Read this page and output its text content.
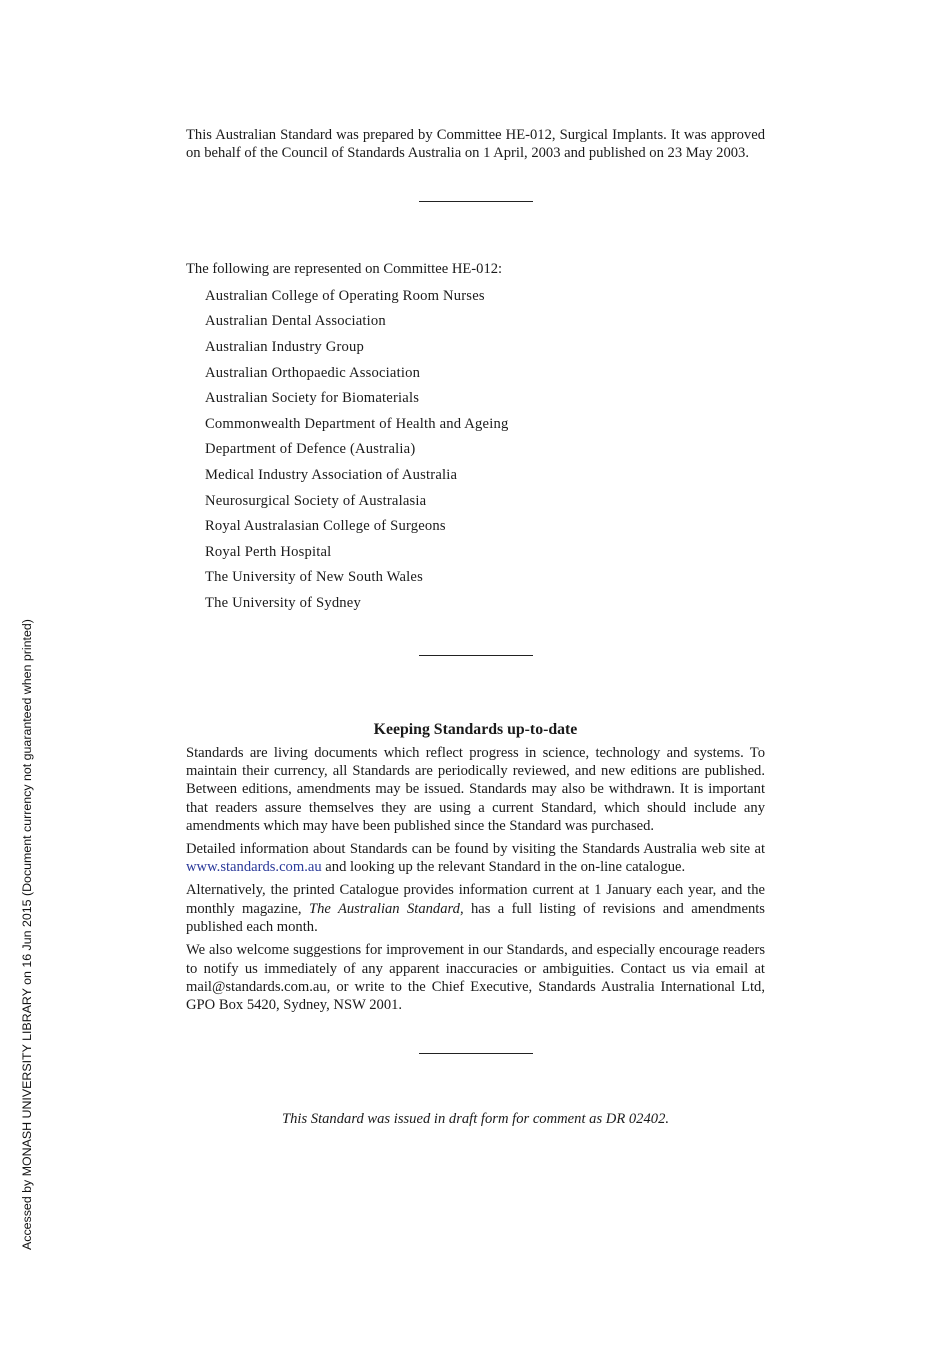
This Australian Standard was prepared by Committee HE-012, Surgical Implants. It was approved on behalf of the Council of Standards Australia on 1 April, 2003 and published on 23 May 2003.

The following are represented on Committee HE-012:

Australian College of Operating Room Nurses
Australian Dental Association
Australian Industry Group
Australian Orthopaedic Association
Australian Society for Biomaterials
Commonwealth Department of Health and Ageing
Department of Defence (Australia)
Medical Industry Association of Australia
Neurosurgical Society of Australasia
Royal Australasian College of Surgeons
Royal Perth Hospital
The University of New South Wales
The University of Sydney
Keeping Standards up-to-date

Standards are living documents which reflect progress in science, technology and systems. To maintain their currency, all Standards are periodically reviewed, and new editions are published. Between editions, amendments may be issued. Standards may also be withdrawn. It is important that readers assure themselves they are using a current Standard, which should include any amendments which may have been published since the Standard was purchased.

Detailed information about Standards can be found by visiting the Standards Australia web site at www.standards.com.au and looking up the relevant Standard in the on-line catalogue.

Alternatively, the printed Catalogue provides information current at 1 January each year, and the monthly magazine, The Australian Standard, has a full listing of revisions and amendments published each month.

We also welcome suggestions for improvement in our Standards, and especially encourage readers to notify us immediately of any apparent inaccuracies or ambiguities. Contact us via email at mail@standards.com.au, or write to the Chief Executive, Standards Australia International Ltd, GPO Box 5420, Sydney, NSW 2001.

This Standard was issued in draft form for comment as DR 02402.

Accessed by MONASH UNIVERSITY LIBRARY on 16 Jun 2015 (Document currency not guaranteed when printed)
